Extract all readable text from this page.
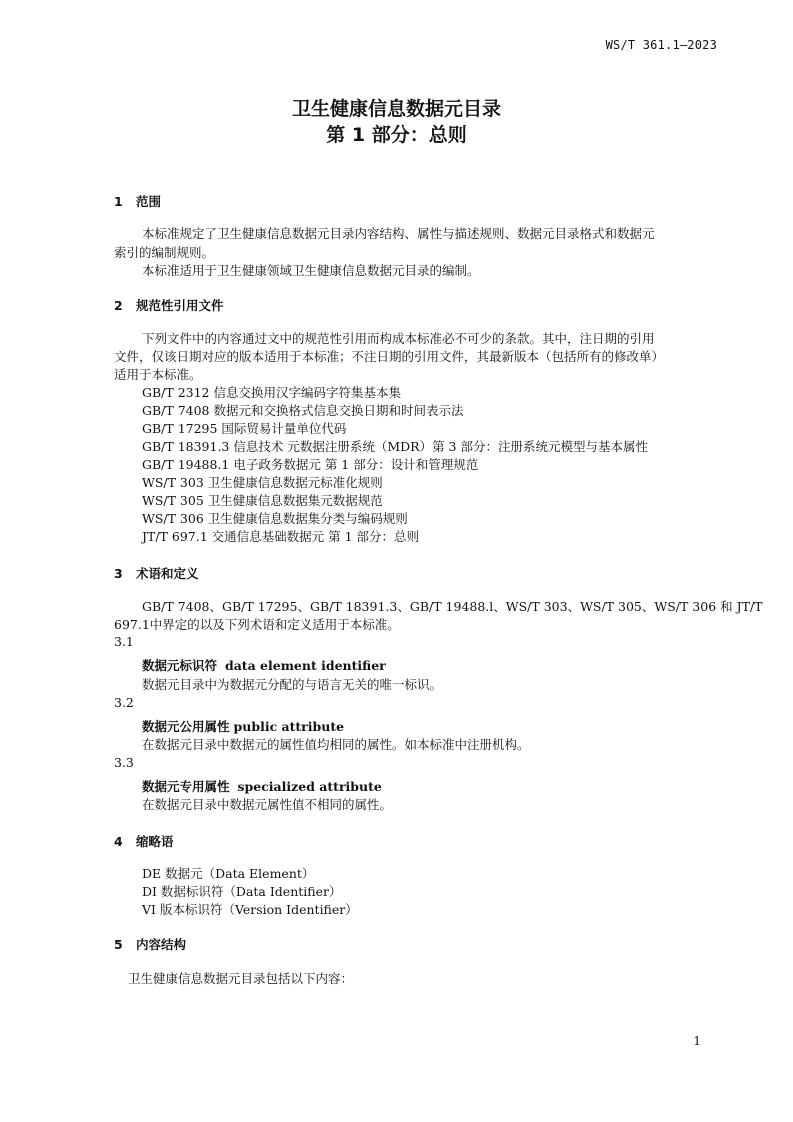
WS/T 361.1—2023
卫生健康信息数据元目录
第 1 部分：总则
1 范围
本标准规定了卫生健康信息数据元目录内容结构、属性与描述规则、数据元目录格式和数据元
索引的编制规则。
本标准适用于卫生健康领域卫生健康信息数据元目录的编制。
2 规范性引用文件
下列文件中的内容通过文中的规范性引用而构成本标准必不可少的条款。其中，注日期的引用
文件，仅该日期对应的版本适用于本标准；不注日期的引用文件，其最新版本（包括所有的修改单）
适用于本标准。
GB/T 2312 信息交换用汉字编码字符集基本集
GB/T 7408 数据元和交换格式信息交换日期和时间表示法
GB/T 17295 国际贸易计量单位代码
GB/T 18391.3 信息技术 元数据注册系统（MDR）第 3 部分：注册系统元模型与基本属性
GB/T 19488.1 电子政务数据元 第 1 部分：设计和管理规范
WS/T 303 卫生健康信息数据元标准化规则
WS/T 305 卫生健康信息数据集元数据规范
WS/T 306 卫生健康信息数据集分类与编码规则
JT/T 697.1 交通信息基础数据元 第 1 部分：总则
3 术语和定义
GB/T 7408、GB/T 17295、GB/T 18391.3、GB/T 19488.l、WS/T 303、WS/T 305、WS/T 306 和 JT/T
697.1中界定的以及下列术语和定义适用于本标准。
3.1
数据元标识符 data element identifier
数据元目录中为数据元分配的与语言无关的唯一标识。
3.2
数据元公用属性 public attribute
在数据元目录中数据元的属性值均相同的属性。如本标准中注册机构。
3.3
数据元专用属性 specialized attribute
在数据元目录中数据元属性值不相同的属性。
4 缩略语
DE 数据元（Data Element）
DI 数据标识符（Data Identifier）
VI 版本标识符（Version Identifier）
5 内容结构
卫生健康信息数据元目录包括以下内容：
1
